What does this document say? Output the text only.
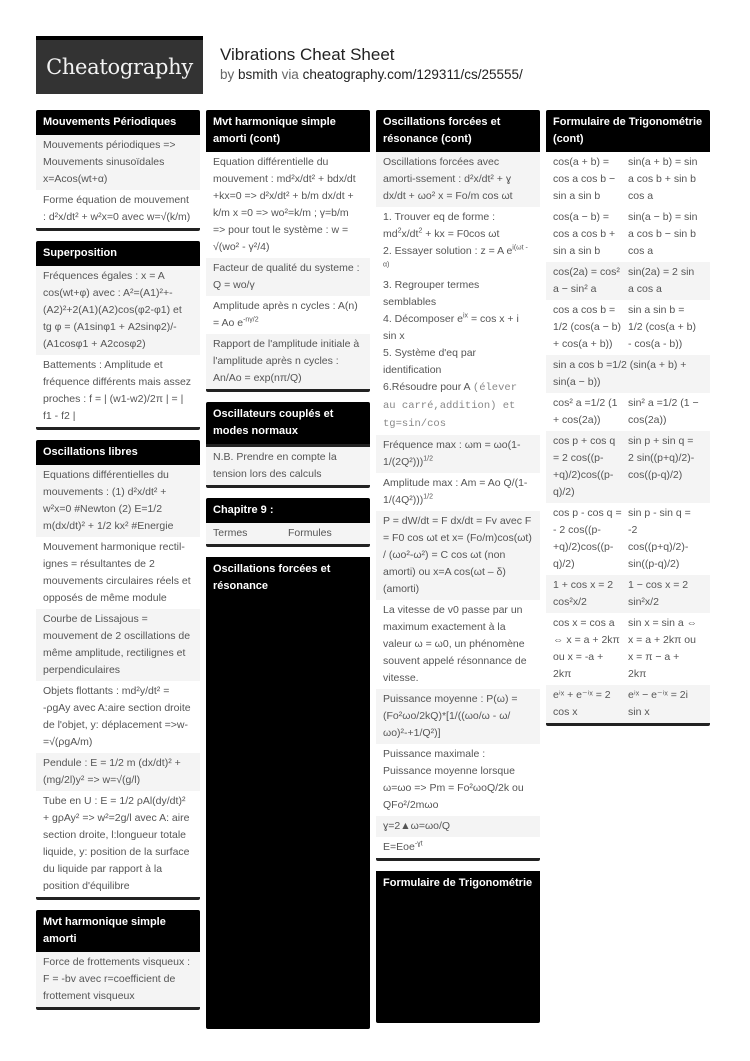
Cheatography
Vibrations Cheat Sheet
by bsmith via cheatography.com/129311/cs/25555/
Mouvements Périodiques
Mouvements périodiques => Mouvements sinusoïdales x=Acos(wt+α)
Forme équation de mouvement : d²x/dt² + w²x=0 avec w=√(k/m)
Superposition
Fréquences égales : x = A cos(wt+φ) avec : A²=(A1)²+-(A2)²+2(A1)(A2)cos(φ2-φ1) et tg φ = (A1sinφ1 + A2sinφ2)/-(A1cosφ1 + A2cosφ2)
Battements : Amplitude et fréquence différents mais assez proches : f = | (w1-w2)/2π | = | f1 - f2 |
Oscillations libres
Equations différentielles du mouvements : (1) d²x/dt² + w²x=0 #Newton (2) E=1/2 m(dx/dt)² + 1/2 kx² #Energie
Mouvement harmonique rectil-ignes = résultantes de 2 mouvements circulaires réels et opposés de même module
Courbe de Lissajous = mouvement de 2 oscillations de même amplitude, rectilignes et perpendiculaires
Objets flottants : md²y/dt² = -ρgAy avec A:aire section droite de l'objet, y: déplacement =>w-=√(ρgA/m)
Pendule : E = 1/2 m (dx/dt)² + (mg/2l)y² => w=√(g/l)
Tube en U : E = 1/2 ρAl(dy/dt)² + gρAy² => w²=2g/l avec A: aire section droite, l:longueur totale liquide, y: position de la surface du liquide par rapport à la position d'équilibre
Mvt harmonique simple amorti
Force de frottements visqueux : F = -bv avec r=coefficient de frottement visqueux
Mvt harmonique simple amorti (cont)
Equation différentielle du mouvement : md²x/dt² + bdx/dt +kx=0 => d²x/dt² + b/m dx/dt + k/m x =0 => wo²=k/m ; γ=b/m => pour tout le système : w = √(wo² - γ²/4)
Facteur de qualité du systeme : Q = wo/γ
Amplitude après n cycles : A(n) = Ao $e^{-n\gamma/2}$
Rapport de l'amplitude initiale à l'amplitude après n cycles : An/Ao = exp(nπ/Q)
Oscillateurs couplés et modes normaux
N.B. Prendre en compte la tension lors des calculs
Chapitre 9 :
Termes	Formules
Oscillations forcées et résonance
Oscillations forcées et résonance (cont)
Oscillations forcées avec amorti-ssement : d²x/dt² + ɣ dx/dt + ωo² x = Fo/m cos ωt
1. Trouver eq de forme : $md^2x/dt^2$ + kx = F0cos ωt
2. Essayer solution : z = A $e^{i(\omega t - \alpha)}$
3. Regrouper termes semblables
4. Décomposer $e^{ix} = \cos x + i$ sin x
5. Système d'eq par identification
6.Résoudre pour A (élever au carré,addition) et tg=sin/cos
Fréquence max : ωm = ωo(1-1/(2Q²)))$^{1/2}$
Amplitude max : Am = Ao Q/(1-1/(4Q²)))$^{1/2}$
P = dW/dt = F dx/dt = Fv avec F = F0 cos ωt et x= (Fo/m)cos(ωt) / (ωo²-ω²) = C cos ωt (non amorti) ou x=A cos(ωt – δ) (amorti)
La vitesse de v0 passe par un maximum exactement à la valeur ω = ω0, un phénomène souvent appelé résonnance de vitesse.
Puissance moyenne : P(ω) = (Fo²ωo/2kQ)*[1/((ωo/ω - ω/ωo)²-+1/Q²)]
Puissance maximale : Puissance moyenne lorsque ω=ωo => Pm = Fo²ωoQ/2k ou QFo²/2mωo
ɣ=2▲ω=ωo/Q
E=Eoe$^{-ɣt}$
Formulaire de Trigonométrie
Formulaire de Trigonométrie (cont)
cos(a + b) = cos a cos b − sin a sin b
sin(a + b) = sin a cos b + sin b cos a
cos(a − b) = cos a cos b + sin a sin b
sin(a − b) = sin a cos b − sin b cos a
cos(2a) = cos² a − sin² a
sin(2a) = 2 sin a cos a
cos a cos b = 1/2 (cos(a − b) + cos(a + b))
sin a sin b = 1/2 (cos(a + b) - cos(a - b))
sin a cos b =1/2 (sin(a + b) + sin(a − b))
cos² a =1/2 (1 + cos(2a))
sin² a =1/2 (1 − cos(2a))
cos p + cos q = 2 cos((p-+q)/2)cos((p-q)/2)
sin p + sin q = 2 sin((p+q)/2)-cos((p-q)/2)
cos p - cos q = - 2 cos((p-+q)/2)cos((p-q)/2)
sin p - sin q = -2 cos((p+q)/2)-sin((p-q)/2)
1 + cos x = 2 cos²x/2
1 − cos x = 2 sin²x/2
cos x = cos a ⇔ x = a + 2kπ ou x = -a + 2kπ
sin x = sin a ⇔ x = a + 2kπ ou x = π − a + 2kπ
eⁱˣ + e⁻ⁱˣ = 2 cos x
eⁱˣ − e⁻ⁱˣ = 2i sin x
